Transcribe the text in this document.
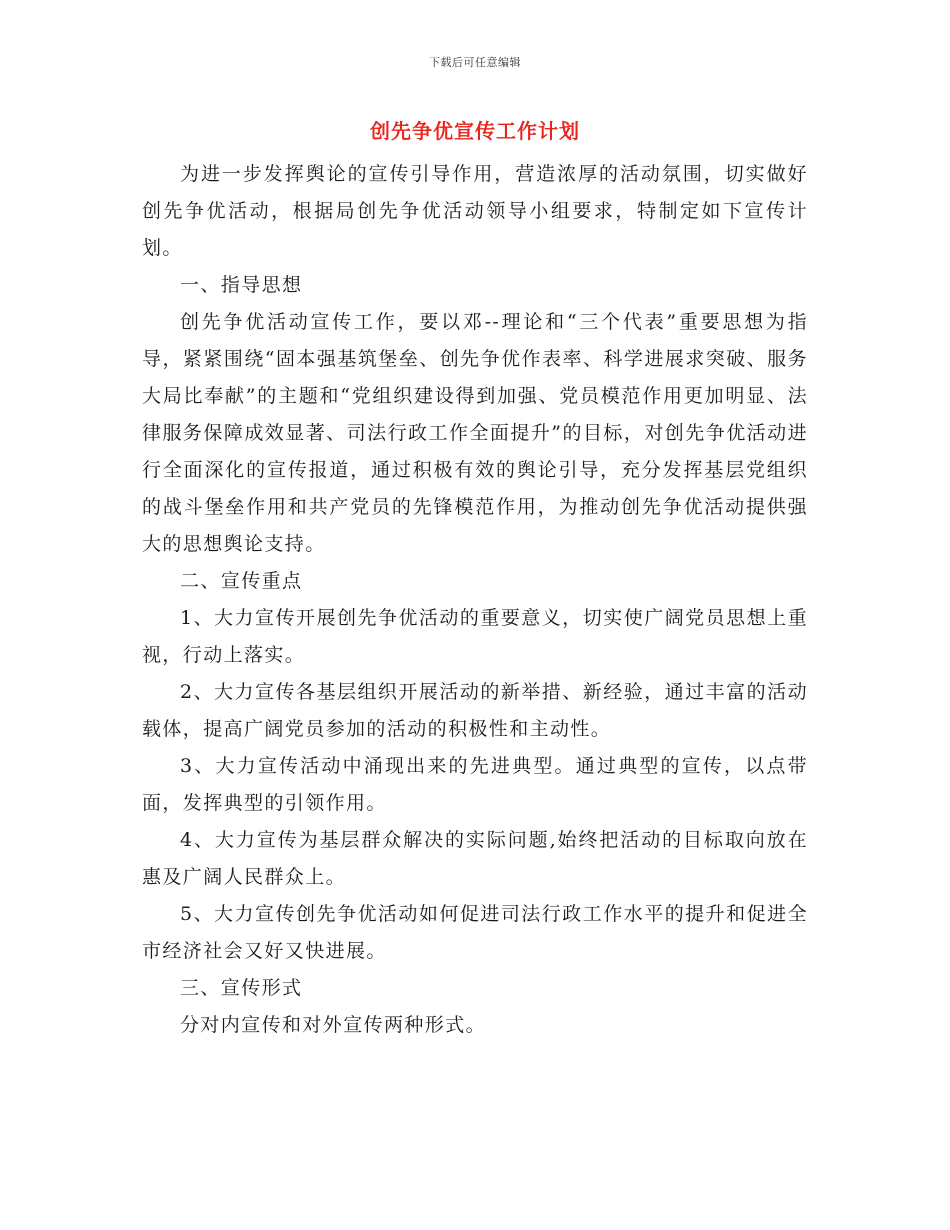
下载后可任意编辑
创先争优宣传工作计划

为进一步发挥舆论的宣传引导作用，营造浓厚的活动氛围，切实做好创先争优活动，根据局创先争优活动领导小组要求，特制定如下宣传计划。

一、指导思想

创先争优活动宣传工作，要以邓--理论和“三个代表”重要思想为指导，紧紧围绕“固本强基筑堡垒、创先争优作表率、科学进展求突破、服务大局比奉献”的主题和“党组织建设得到加强、党员模范作用更加明显、法律服务保障成效显著、司法行政工作全面提升”的目标，对创先争优活动进行全面深化的宣传报道，通过积极有效的舆论引导，充分发挥基层党组织的战斗堡垒作用和共产党员的先锋模范作用，为推动创先争优活动提供强大的思想舆论支持。

二、宣传重点

1、大力宣传开展创先争优活动的重要意义，切实使广阔党员思想上重视，行动上落实。

2、大力宣传各基层组织开展活动的新举措、新经验，通过丰富的活动载体，提高广阔党员参加的活动的积极性和主动性。

3、大力宣传活动中涌现出来的先进典型。通过典型的宣传，以点带面，发挥典型的引领作用。

4、大力宣传为基层群众解决的实际问题,始终把活动的目标取向放在惠及广阔人民群众上。

5、大力宣传创先争优活动如何促进司法行政工作水平的提升和促进全市经济社会又好又快进展。

三、宣传形式

分对内宣传和对外宣传两种形式。
